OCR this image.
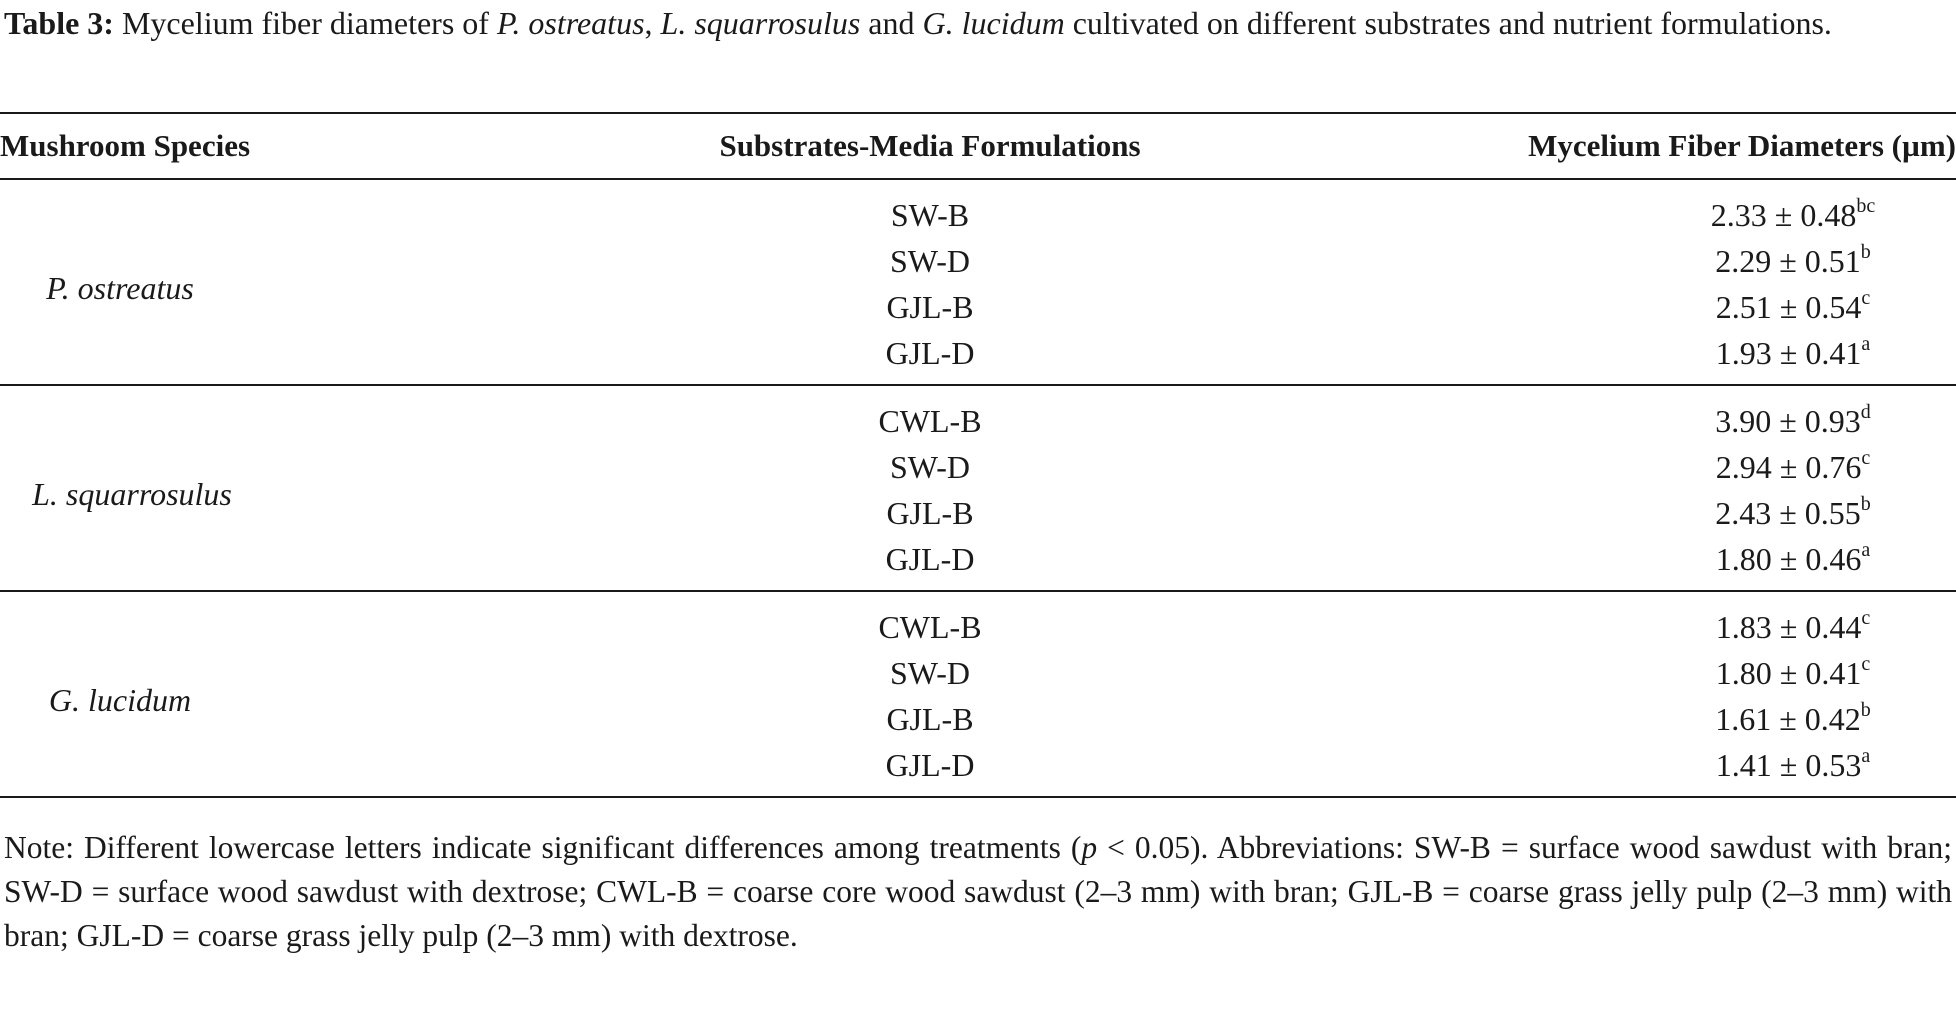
Table 3: Mycelium fiber diameters of P. ostreatus, L. squarrosulus and G. lucidum cultivated on different substrates and nutrient formulations.

Mushroom Species	Substrates-Media Formulations	Mycelium Fiber Diameters (µm)
P. ostreatus	SW-B	2.33 ± 0.48$^{bc}$
	SW-D	2.29 ± 0.51$^b$
	GJL-B	2.51 ± 0.54$^c$
	GJL-D	1.93 ± 0.41$^a$
L. squarrosulus	CWL-B	3.90 ± 0.93$^d$
	SW-D	2.94 ± 0.76$^c$
	GJL-B	2.43 ± 0.55$^b$
	GJL-D	1.80 ± 0.46$^a$
G. lucidum	CWL-B	1.83 ± 0.44$^c$
	SW-D	1.80 ± 0.41$^c$
	GJL-B	1.61 ± 0.42$^b$
	GJL-D	1.41 ± 0.53$^a$

Note: Different lowercase letters indicate significant differences among treatments (p < 0.05). Abbreviations: SW-B = surface wood sawdust with bran; SW-D = surface wood sawdust with dextrose; CWL-B = coarse core wood sawdust (2–3 mm) with bran; GJL-B = coarse grass jelly pulp (2–3 mm) with bran; GJL-D = coarse grass jelly pulp (2–3 mm) with dextrose.
